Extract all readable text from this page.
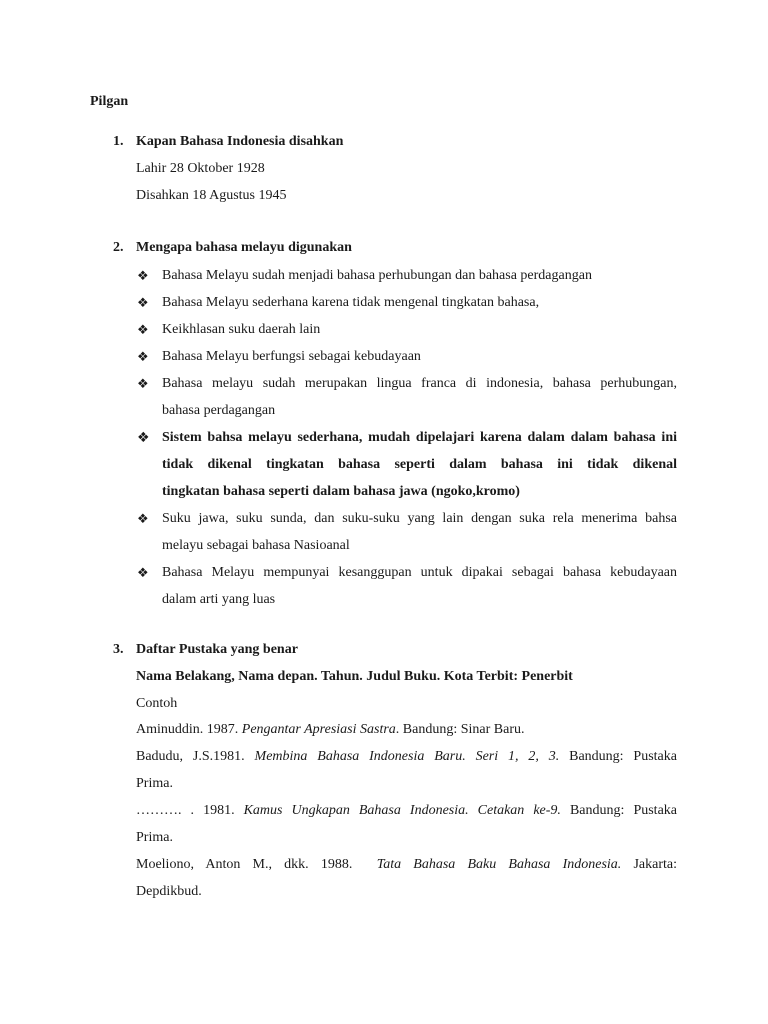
Pilgan
1. Kapan Bahasa Indonesia disahkan
Lahir 28 Oktober 1928
Disahkan 18 Agustus 1945
2. Mengapa bahasa melayu digunakan
❖ Bahasa Melayu sudah menjadi bahasa perhubungan dan bahasa perdagangan
❖ Bahasa Melayu sederhana karena tidak mengenal tingkatan bahasa,
❖ Keikhlasan suku daerah lain
❖ Bahasa Melayu berfungsi sebagai kebudayaan
❖ Bahasa melayu sudah merupakan lingua franca di indonesia, bahasa perhubungan,
bahasa perdagangan
❖ Sistem bahsa melayu sederhana, mudah dipelajari karena dalam dalam bahasa ini tidak dikenal tingkatan bahasa seperti dalam bahasa ini tidak dikenal
tingkatan bahasa seperti dalam bahasa jawa (ngoko,kromo)
❖ Suku jawa, suku sunda, dan suku-suku yang lain dengan suka rela menerima bahsa
melayu sebagai bahasa Nasioanal
❖ Bahasa Melayu mempunyai kesanggupan untuk dipakai sebagai bahasa kebudayaan
dalam arti yang luas
3. Daftar Pustaka yang benar
Nama Belakang, Nama depan. Tahun. Judul Buku. Kota Terbit: Penerbit
Contoh
Aminuddin. 1987. Pengantar Apresiasi Sastra. Bandung: Sinar Baru.
Badudu, J.S.1981. Membina Bahasa Indonesia Baru. Seri 1, 2, 3. Bandung: Pustaka
Prima.
………. . 1981. Kamus Ungkapan Bahasa Indonesia. Cetakan ke-9. Bandung: Pustaka
Prima.
Moeliono, Anton M., dkk. 1988.  Tata Bahasa Baku Bahasa Indonesia. Jakarta:
Depdikbud.
